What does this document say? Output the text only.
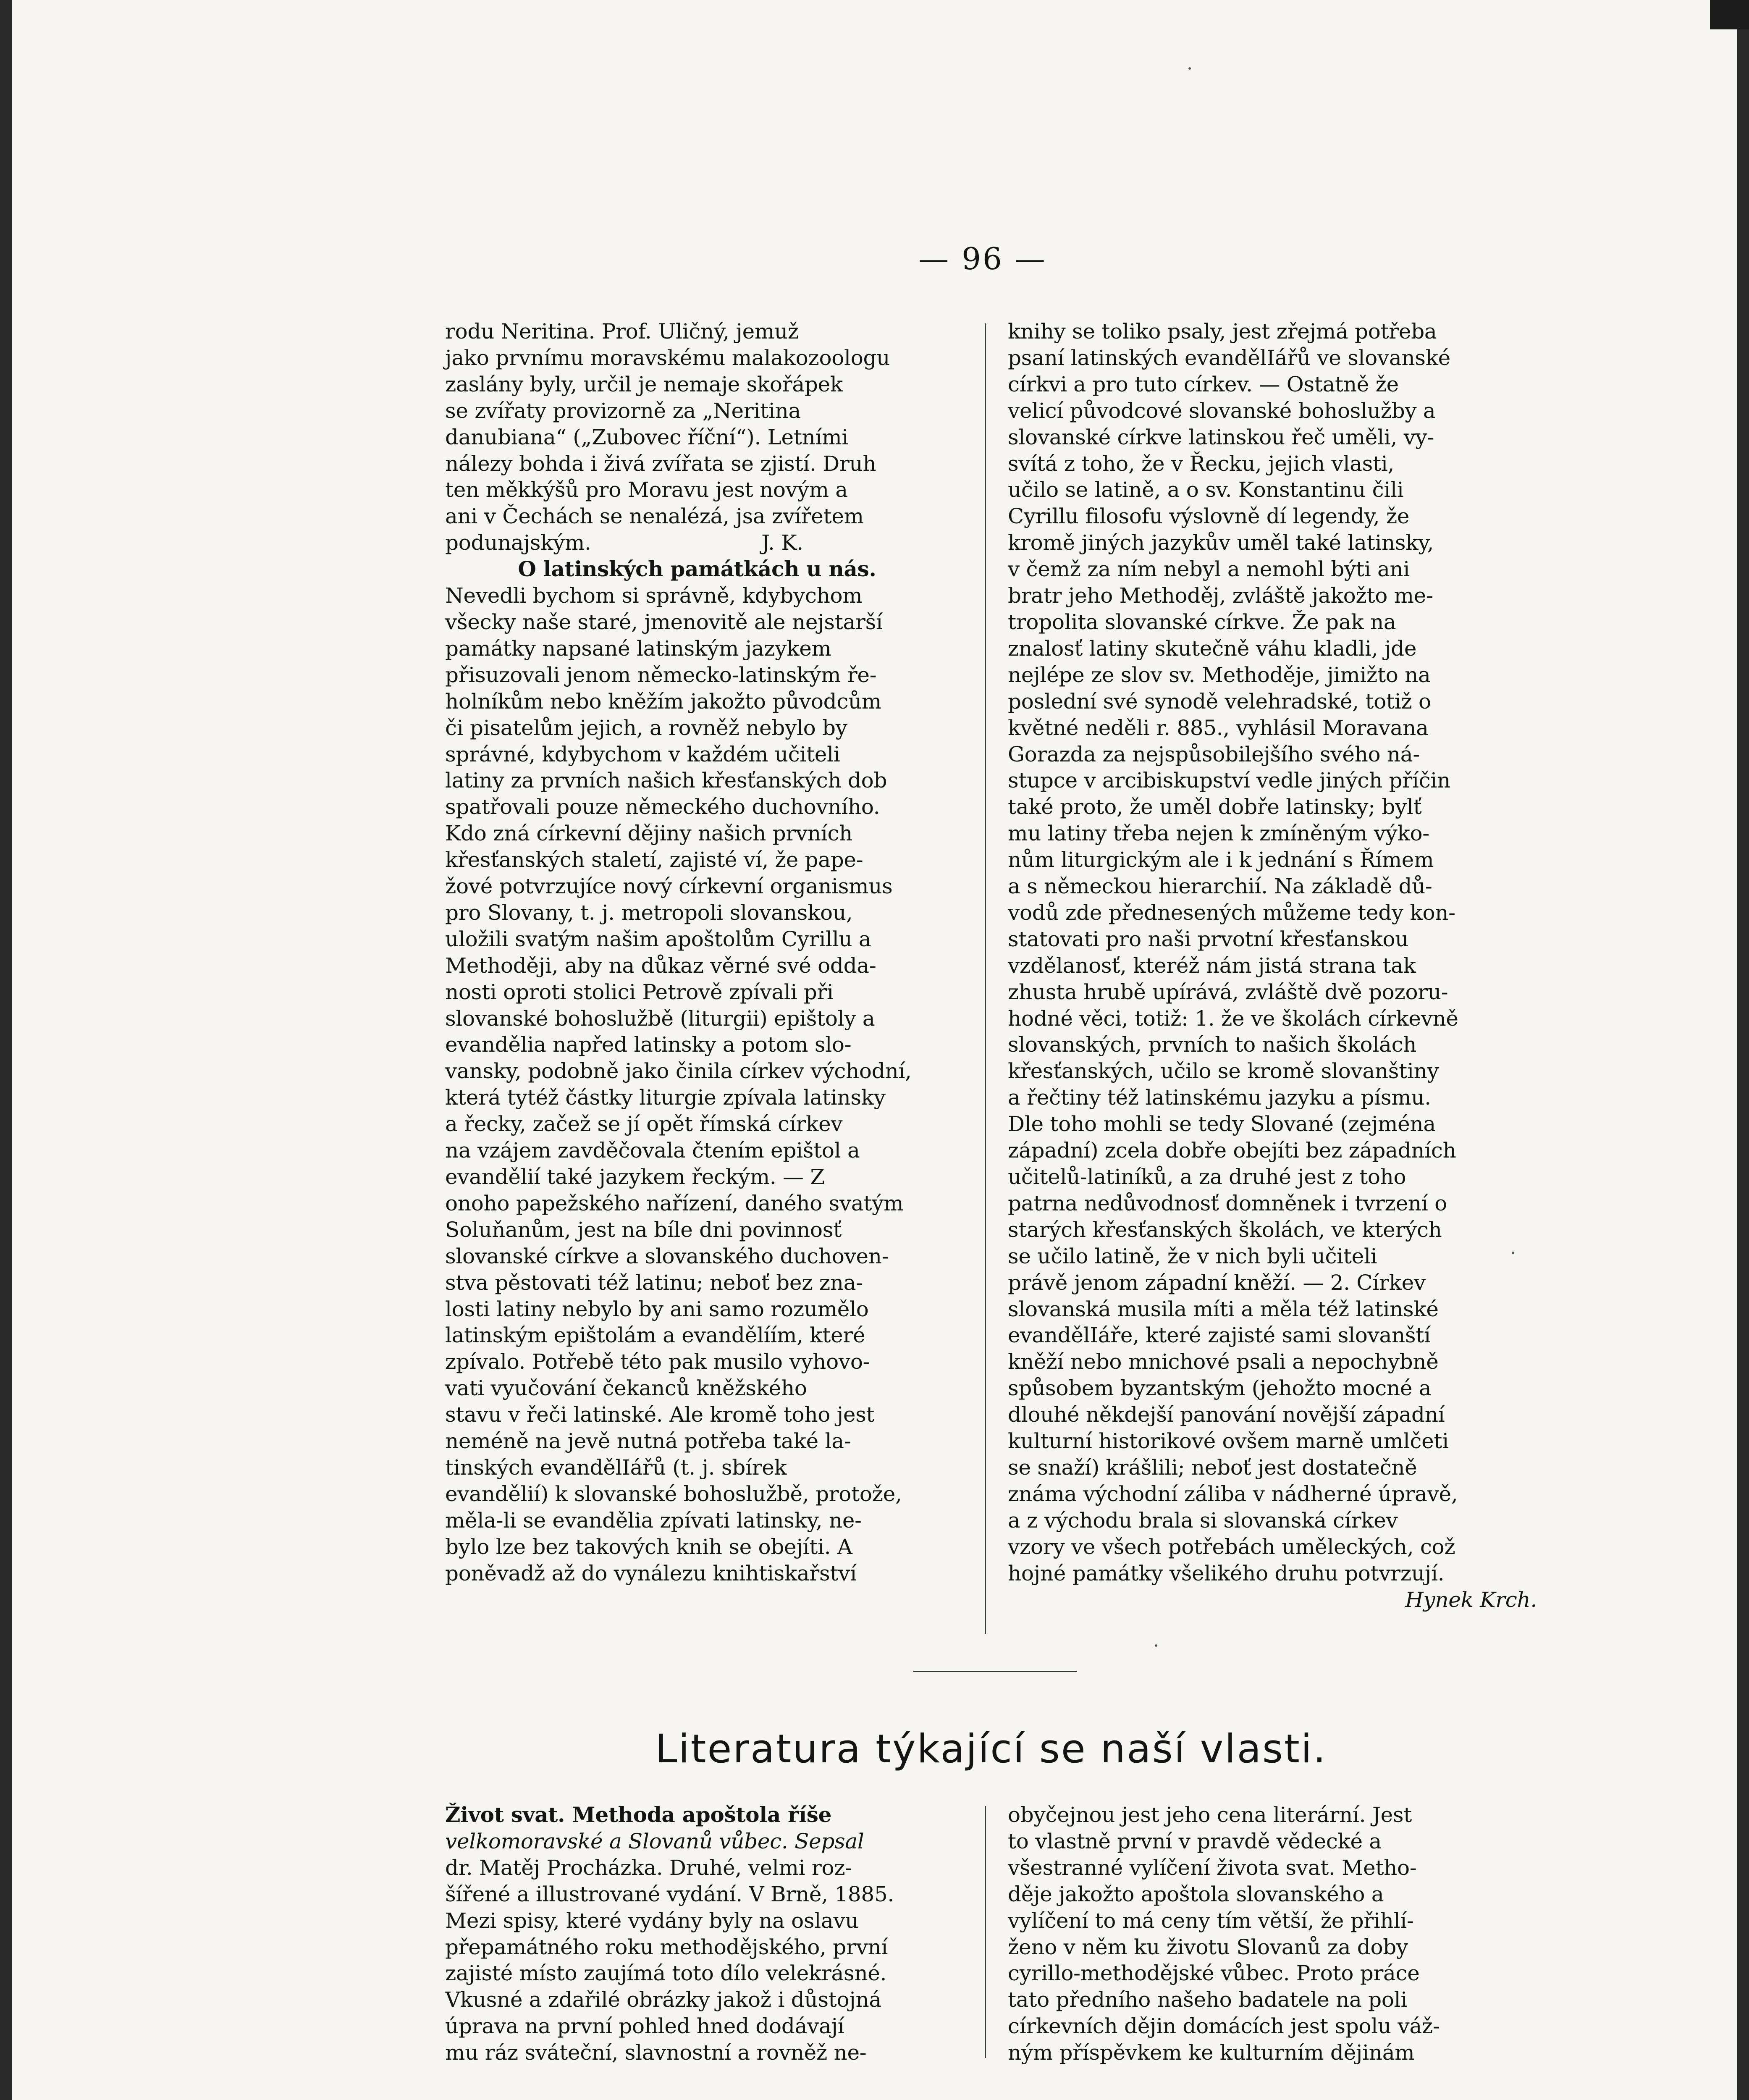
— 96 —
rodu Neritina. Prof. Uličný, jemuž
jako prvnímu moravskému malakozoologu
zaslány byly, určil je nemaje skořápek
se zvířaty provizorně za „Neritina
danubiana“ („Zubovec říční“). Letními
nálezy bohda i živá zvířata se zjistí. Druh
ten měkkýšů pro Moravu jest novým a
ani v Čechách se nenalézá, jsa zvířetem
podunajským.                          J. K.
O latinských památkách u nás.
Nevedli bychom si správně, kdybychom
všecky naše staré, jmenovitě ale nejstarší
památky napsané latinským jazykem
přisuzovali jenom německo-latinským ře-
holníkům nebo kněžím jakožto původcům
či pisatelům jejich, a rovněž nebylo by
správné, kdybychom v každém učiteli
latiny za prvních našich křesťanských dob
spatřovali pouze německého duchovního.
Kdo zná církevní dějiny našich prvních
křesťanských staletí, zajisté ví, že pape-
žové potvrzujíce nový církevní organismus
pro Slovany, t. j. metropoli slovanskou,
uložili svatým našim apoštolům Cyrillu a
Methoději, aby na důkaz věrné své odda-
nosti oproti stolici Petrově zpívali při
slovanské bohoslužbě (liturgii) epištoly a
evandělia napřed latinsky a potom slo-
vansky, podobně jako činila církev východní,
která tytéž částky liturgie zpívala latinsky
a řecky, začež se jí opět římská církev
na vzájem zavděčovala čtením epištol a
evandělií také jazykem řeckým. — Z
onoho papežského nařízení, daného svatým
Soluňanům, jest na bíle dni povinnosť
slovanské církve a slovanského duchoven-
stva pěstovati též latinu; neboť bez zna-
losti latiny nebylo by ani samo rozumělo
latinským epištolám a evandělíím, které
zpívalo. Potřebě této pak musilo vyhovo-
vati vyučování čekanců kněžského
stavu v řeči latinské. Ale kromě toho jest
neméně na jevě nutná potřeba také la-
tinských evandělIářů (t. j. sbírek
evandělií) k slovanské bohoslužbě, protože,
měla-li se evandělia zpívati latinsky, ne-
bylo lze bez takových knih se obejíti. A
poněvadž až do vynálezu knihtiskařství
knihy se toliko psaly, jest zřejmá potřeba
psaní latinských evandělIářů ve slovanské
církvi a pro tuto církev. — Ostatně že
velicí původcové slovanské bohoslužby a
slovanské církve latinskou řeč uměli, vy-
svítá z toho, že v Řecku, jejich vlasti,
učilo se latině, a o sv. Konstantinu čili
Cyrillu filosofu výslovně dí legendy, že
kromě jiných jazykův uměl také latinsky,
v čemž za ním nebyl a nemohl býti ani
bratr jeho Methoděj, zvláště jakožto me-
tropolita slovanské církve. Že pak na
znalosť latiny skutečně váhu kladli, jde
nejlépe ze slov sv. Methoděje, jimižto na
poslední své synodě velehradské, totiž o
květné neděli r. 885., vyhlásil Moravana
Gorazda za nejspůsobilejšího svého ná-
stupce v arcibiskupství vedle jiných příčin
také proto, že uměl dobře latinsky; bylť
mu latiny třeba nejen k zmíněným výko-
nům liturgickým ale i k jednání s Římem
a s německou hierarchií. Na základě dů-
vodů zde přednesených můžeme tedy kon-
statovati pro naši prvotní křesťanskou
vzdělanosť, kteréž nám jistá strana tak
zhusta hrubě upírává, zvláště dvě pozoru-
hodné věci, totiž: 1. že ve školách církevně
slovanských, prvních to našich školách
křesťanských, učilo se kromě slovanštiny
a řečtiny též latinskému jazyku a písmu.
Dle toho mohli se tedy Slované (zejména
západní) zcela dobře obejíti bez západních
učitelů-latiníků, a za druhé jest z toho
patrna nedůvodnosť domněnek i tvrzení o
starých křesťanských školách, ve kterých
se učilo latině, že v nich byli učiteli
právě jenom západní kněží. — 2. Církev
slovanská musila míti a měla též latinské
evandělIáře, které zajisté sami slovanští
kněží nebo mnichové psali a nepochybně
spůsobem byzantským (jehožto mocné a
dlouhé někdejší panování novější západní
kulturní historikové ovšem marně umlčeti
se snaží) krášlili; neboť jest dostatečně
známa východní záliba v nádherné úpravě,
a z východu brala si slovanská církev
vzory ve všech potřebách uměleckých, což
hojné památky všelikého druhu potvrzují.
Hynek Krch.
Literatura týkající se naší vlasti.
Život svat. Methoda apoštola říše
velkomoravské a Slovanů vůbec. Sepsal
dr. Matěj Procházka. Druhé, velmi roz-
šířené a illustrované vydání. V Brně, 1885.
Mezi spisy, které vydány byly na oslavu
přepamátného roku methodějského, první
zajisté místo zaujímá toto dílo velekrásné.
Vkusné a zdařilé obrázky jakož i důstojná
úprava na první pohled hned dodávají
mu ráz sváteční, slavnostní a rovněž ne-
obyčejnou jest jeho cena literární. Jest
to vlastně první v pravdě vědecké a
všestranné vylíčení života svat. Metho-
děje jakožto apoštola slovanského a
vylíčení to má ceny tím větší, že přihlí-
ženo v něm ku životu Slovanů za doby
cyrillo-methodějské vůbec. Proto práce
tato předního našeho badatele na poli
církevních dějin domácích jest spolu váž-
ným příspěvkem ke kulturním dějinám
